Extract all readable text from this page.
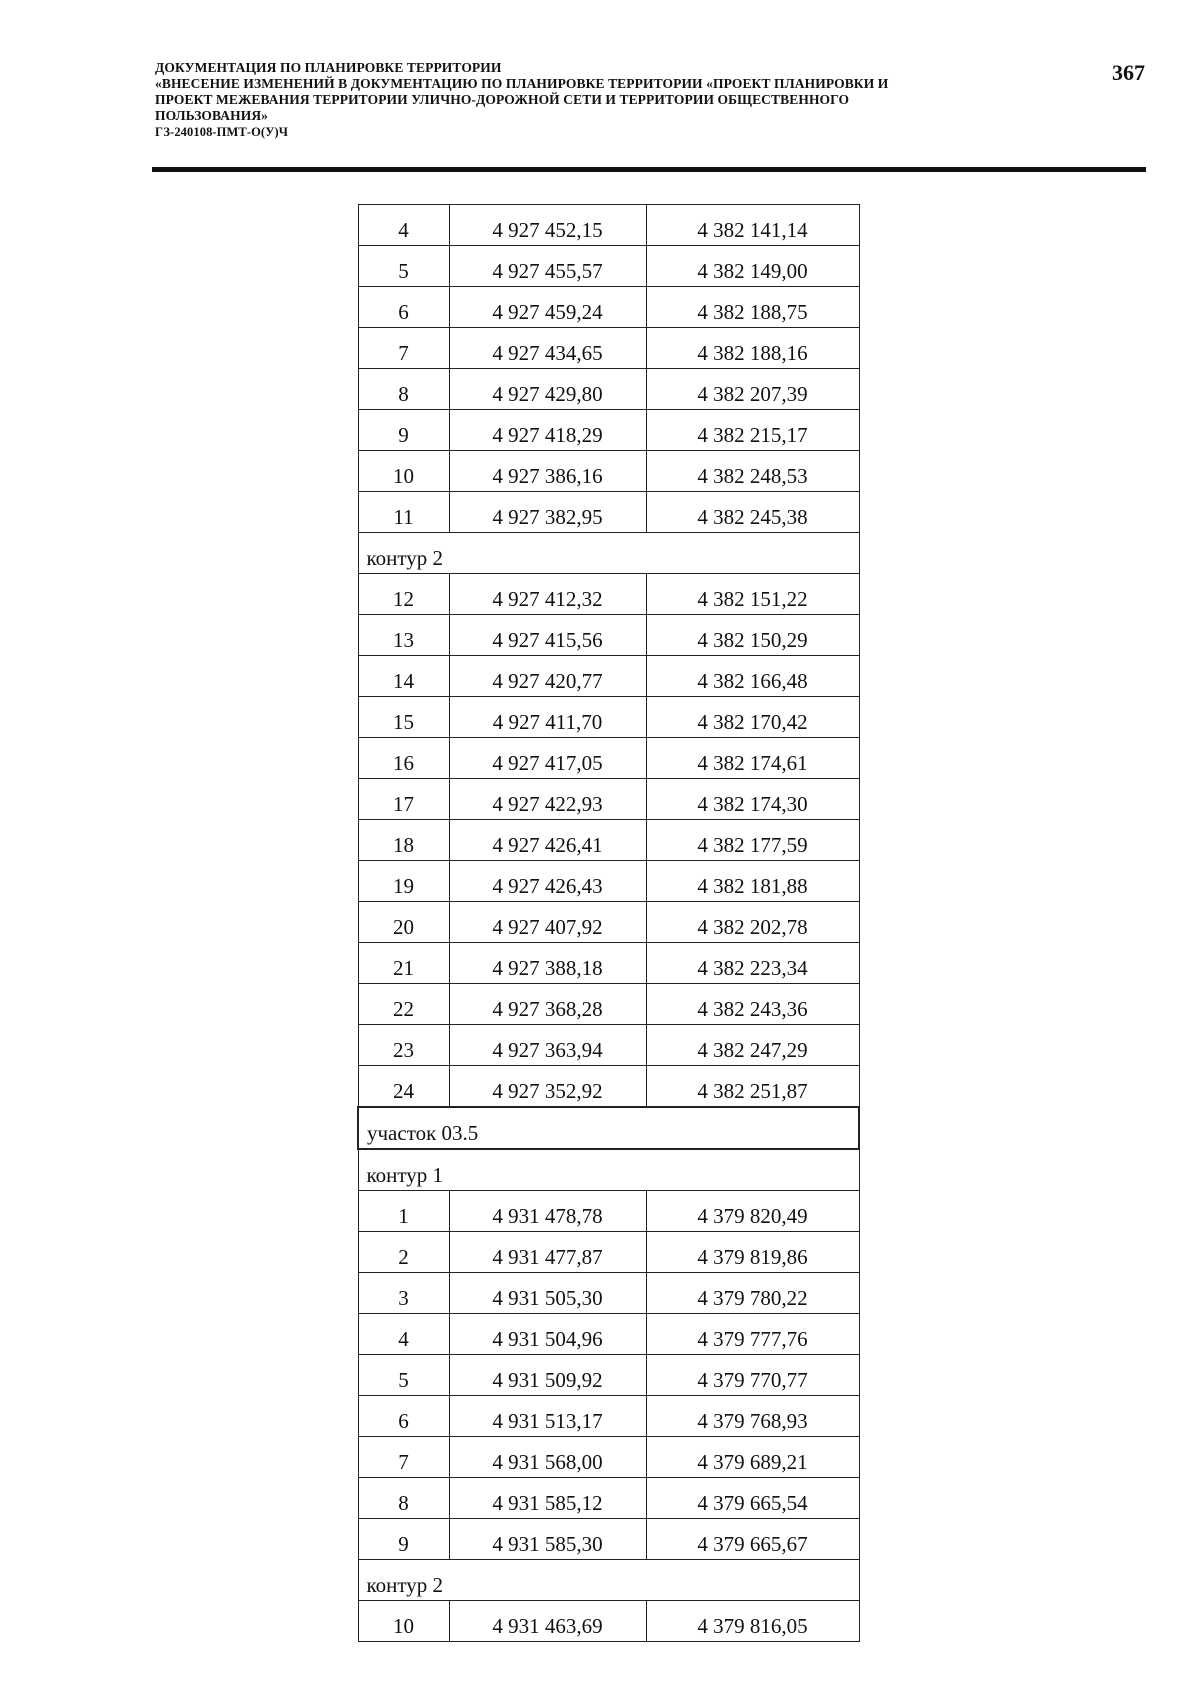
ДОКУМЕНТАЦИЯ ПО ПЛАНИРОВКЕ ТЕРРИТОРИИ
«ВНЕСЕНИЕ ИЗМЕНЕНИЙ В ДОКУМЕНТАЦИЮ ПО ПЛАНИРОВКЕ ТЕРРИТОРИИ «ПРОЕКТ ПЛАНИРОВКИ И
ПРОЕКТ МЕЖЕВАНИЯ ТЕРРИТОРИИ УЛИЧНО-ДОРОЖНОЙ СЕТИ И ТЕРРИТОРИИ ОБЩЕСТВЕННОГО
ПОЛЬЗОВАНИЯ»
ГЗ-240108-ПМТ-О(У)Ч
367
4	4 927 452,15	4 382 141,14
5	4 927 455,57	4 382 149,00
6	4 927 459,24	4 382 188,75
7	4 927 434,65	4 382 188,16
8	4 927 429,80	4 382 207,39
9	4 927 418,29	4 382 215,17
10	4 927 386,16	4 382 248,53
11	4 927 382,95	4 382 245,38
контур 2		
12	4 927 412,32	4 382 151,22
13	4 927 415,56	4 382 150,29
14	4 927 420,77	4 382 166,48
15	4 927 411,70	4 382 170,42
16	4 927 417,05	4 382 174,61
17	4 927 422,93	4 382 174,30
18	4 927 426,41	4 382 177,59
19	4 927 426,43	4 382 181,88
20	4 927 407,92	4 382 202,78
21	4 927 388,18	4 382 223,34
22	4 927 368,28	4 382 243,36
23	4 927 363,94	4 382 247,29
24	4 927 352,92	4 382 251,87
участок 03.5		
контур 1		
1	4 931 478,78	4 379 820,49
2	4 931 477,87	4 379 819,86
3	4 931 505,30	4 379 780,22
4	4 931 504,96	4 379 777,76
5	4 931 509,92	4 379 770,77
6	4 931 513,17	4 379 768,93
7	4 931 568,00	4 379 689,21
8	4 931 585,12	4 379 665,54
9	4 931 585,30	4 379 665,67
контур 2		
10	4 931 463,69	4 379 816,05
